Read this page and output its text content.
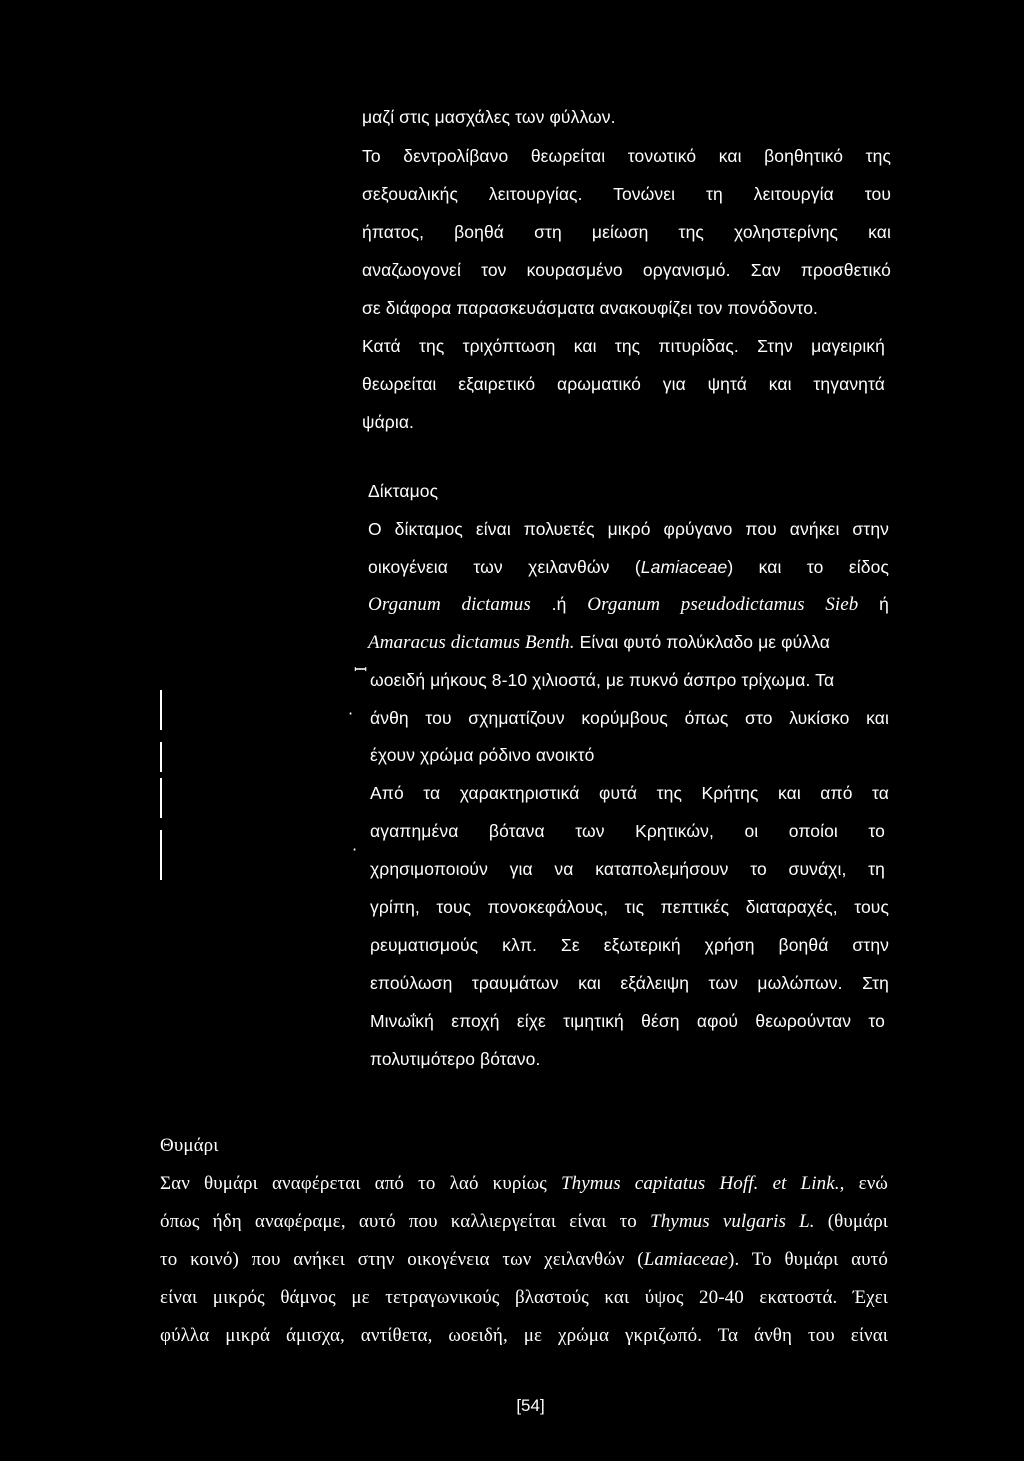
μαζί στις μασχάλες των φύλλων.
Το δεντρολίβανο θεωρείται τονωτικό και βοηθητικό της
σεξουαλικής λειτουργίας. Τονώνει τη λειτουργία του
ήπατος, βοηθά στη μείωση της χοληστερίνης και
αναζωογονεί τον κουρασμένο οργανισμό. Σαν προσθετικό
σε διάφορα παρασκευάσματα ανακουφίζει τον πονόδοντο.
Κατά της τριχόπτωση και της πιτυρίδας. Στην μαγειρική
θεωρείται εξαιρετικό αρωματικό για ψητά και τηγανητά
ψάρια.
Δίκταμος
Ο δίκταμος είναι πολυετές μικρό φρύγανο που ανήκει στην
οικογένεια των χειλανθών (Lamiaceae) και το είδος
Organum dictamus .ή Organum pseudodictamus Sieb ή
Amaracus dictamus Benth. Είναι φυτό πολύκλαδο με φύλλα
ωοειδή μήκους 8-10 χιλιοστά, με πυκνό άσπρο τρίχωμα. Τα
άνθη του σχηματίζουν κορύμβους όπως στο λυκίσκο και
έχουν χρώμα ρόδινο ανοικτό
Από τα χαρακτηριστικά φυτά της Κρήτης και από τα
αγαπημένα βότανα των Κρητικών, οι οποίοι το
χρησιμοποιούν για να καταπολεμήσουν το συνάχι, τη
γρίπη, τους πονοκεφάλους, τις πεπτικές διαταραχές, τους
ρευματισμούς κλπ. Σε εξωτερική χρήση βοηθά στην
επούλωση τραυμάτων και εξάλειψη των μωλώπων. Στη
Μινωΐκή εποχή είχε τιμητική θέση αφού θεωρούνταν το
πολυτιμότερο βότανο.
ꟷ
·
·
Θυμάρι
Σαν θυμάρι αναφέρεται από το λαό κυρίως Thymus capitatus Hoff. et Link., ενώ
όπως ήδη αναφέραμε, αυτό που καλλιεργείται είναι το Thymus vulgaris L. (θυμάρι
το κοινό) που ανήκει στην οικογένεια των χειλανθών (Lamiaceae). Το θυμάρι αυτό
είναι μικρός θάμνος με τετραγωνικούς βλαστούς και ύψος 20-40 εκατοστά. Έχει
φύλλα μικρά άμισχα, αντίθετα, ωοειδή, με χρώμα γκριζωπό. Τα άνθη του είναι
[54]
